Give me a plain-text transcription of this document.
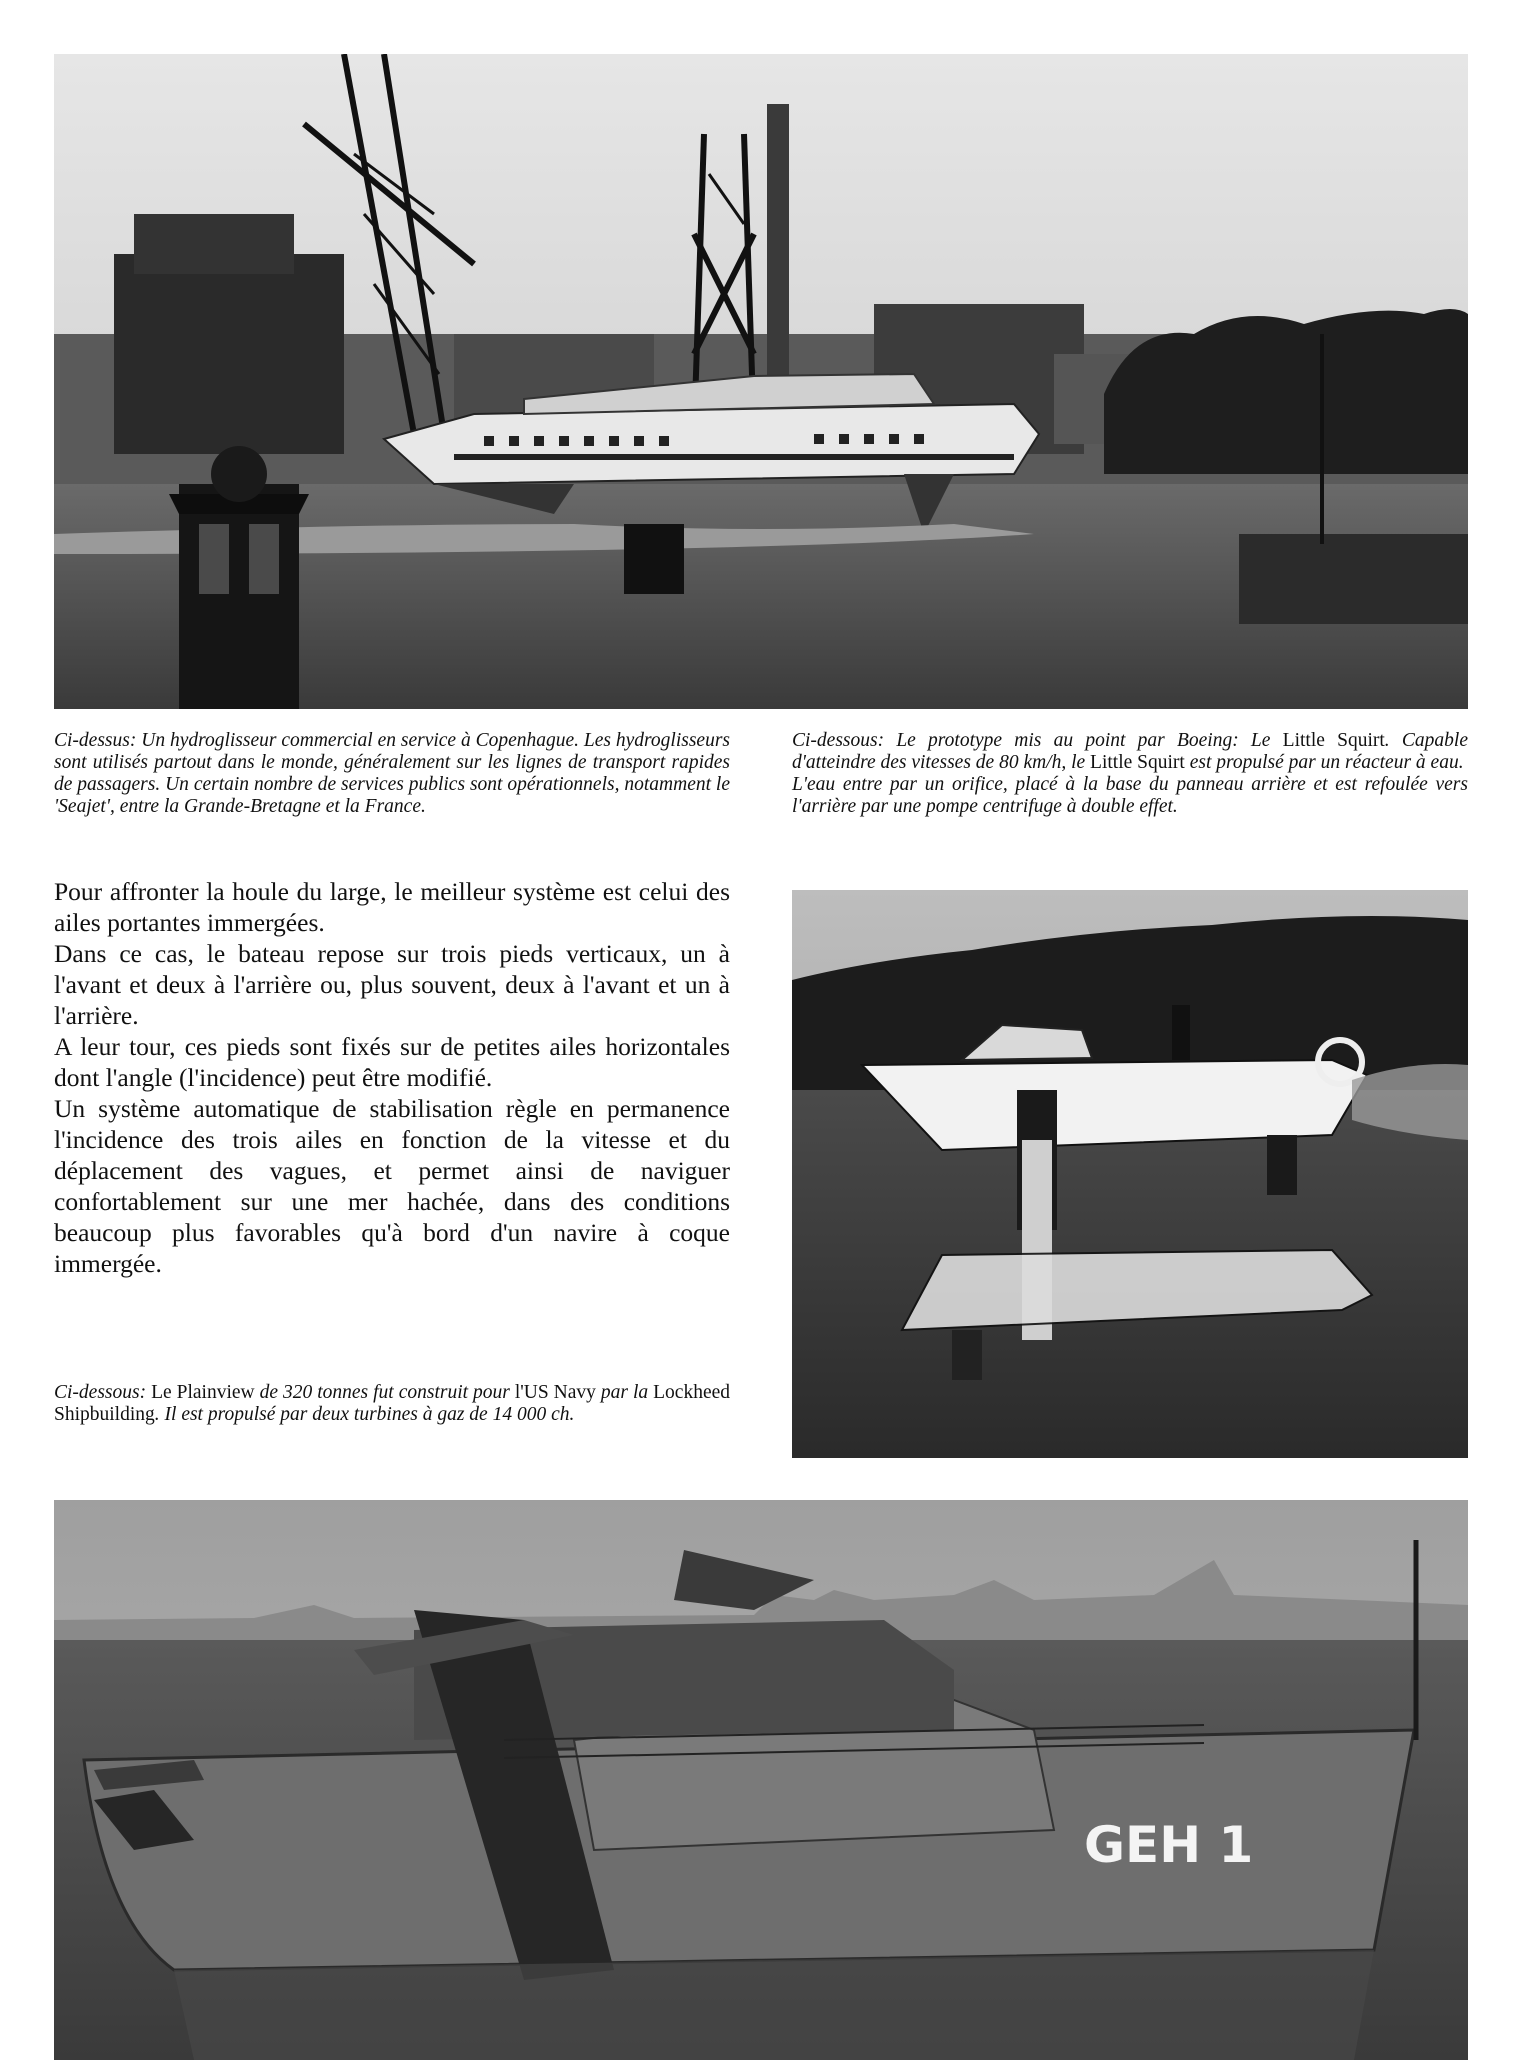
Ci-dessus: Un hydroglisseur commercial en service à Copenhague. Les hydroglisseurs sont utilisés partout dans le monde, généralement sur les lignes de transport rapides de passagers. Un certain nombre de services publics sont opérationnels, notamment le 'Seajet', entre la Grande-Bretagne et la France.

Ci-dessous: Le prototype mis au point par Boeing: Le Little Squirt. Capable d'atteindre des vitesses de 80 km/h, le Little Squirt est propulsé par un réacteur à eau.

L'eau entre par un orifice, placé à la base du panneau arrière et est refoulée vers l'arrière par une pompe centrifuge à double effet.

Pour affronter la houle du large, le meilleur système est celui des ailes portantes immergées.

Dans ce cas, le bateau repose sur trois pieds verticaux, un à l'avant et deux à l'arrière ou, plus souvent, deux à l'avant et un à l'arrière.

A leur tour, ces pieds sont fixés sur de petites ailes horizontales dont l'angle (l'incidence) peut être modifié.

Un système automatique de stabilisation règle en permanence l'incidence des trois ailes en fonction de la vitesse et du déplacement des vagues, et permet ainsi de naviguer confortablement sur une mer hachée, dans des conditions beaucoup plus favorables qu'à bord d'un navire à coque immergée.

Ci-dessous: Le Plainview de 320 tonnes fut construit pour l'US Navy par la Lockheed Shipbuilding. Il est propulsé par deux turbines à gaz de 14 000 ch.

GEH 1
